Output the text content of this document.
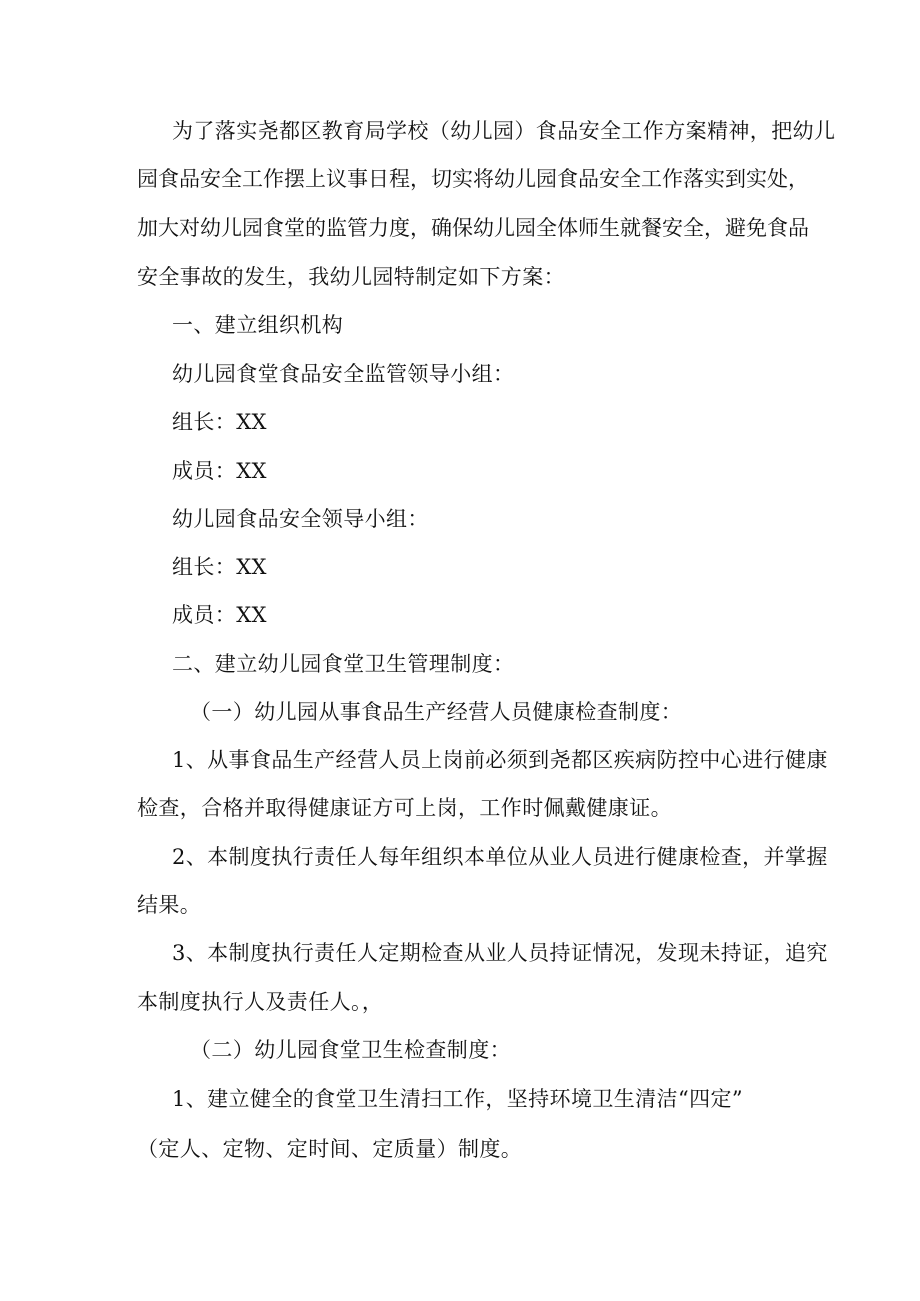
为了落实尧都区教育局学校（幼儿园）食品安全工作方案精神，把幼儿
园食品安全工作摆上议事日程，切实将幼儿园食品安全工作落实到实处，
加大对幼儿园食堂的监管力度，确保幼儿园全体师生就餐安全，避免食品
安全事故的发生，我幼儿园特制定如下方案：
一、建立组织机构
幼儿园食堂食品安全监管领导小组：
组长：XX
成员：XX
幼儿园食品安全领导小组：
组长：XX
成员：XX
二、建立幼儿园食堂卫生管理制度：
（一）幼儿园从事食品生产经营人员健康检查制度：
1、从事食品生产经营人员上岗前必须到尧都区疾病防控中心进行健康
检查，合格并取得健康证方可上岗，工作时佩戴健康证。
2、本制度执行责任人每年组织本单位从业人员进行健康检查，并掌握
结果。
3、本制度执行责任人定期检查从业人员持证情况，发现未持证，追究
本制度执行人及责任人。，
（二）幼儿园食堂卫生检查制度：
1、建立健全的食堂卫生清扫工作，坚持环境卫生清洁“四定”
（定人、定物、定时间、定质量）制度。
